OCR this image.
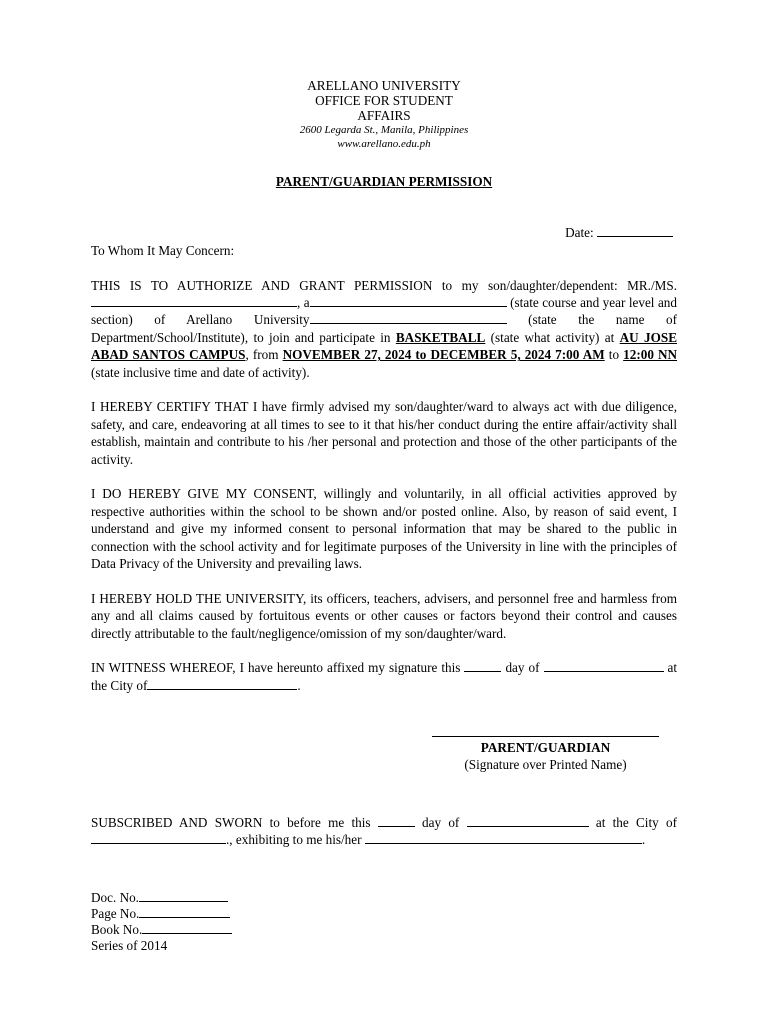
ARELLANO UNIVERSITY
OFFICE FOR STUDENT
AFFAIRS
2600 Legarda St., Manila, Philippines
www.arellano.edu.ph
PARENT/GUARDIAN PERMISSION
Date:
To Whom It May Concern:

THIS IS TO AUTHORIZE AND GRANT PERMISSION to my son/daughter/dependent: MR./MS. , a	(state course and year level and section) of Arellano University	(state the name of Department/School/Institute), to join and participate in BASKETBALL (state what activity) at AU JOSE ABAD SANTOS CAMPUS, from NOVEMBER 27, 2024 to DECEMBER 5, 2024 7:00 AM to 12:00 NN (state inclusive time and date of activity).

I HEREBY CERTIFY THAT I have firmly advised my son/daughter/ward to always act with due diligence, safety, and care, endeavoring at all times to see to it that his/her conduct during the entire affair/activity shall establish, maintain and contribute to his /her personal and protection and those of the other participants of the activity.

I DO HEREBY GIVE MY CONSENT, willingly and voluntarily, in all official activities approved by respective authorities within the school to be shown and/or posted online. Also, by reason of said event, I understand and give my informed consent to personal information that may be shared to the public in connection with the school activity and for legitimate purposes of the University in line with the principles of Data Privacy of the University and prevailing laws.

I HEREBY HOLD THE UNIVERSITY, its officers, teachers, advisers, and personnel free and harmless from any and all claims caused by fortuitous events or other causes or factors beyond their control and causes directly attributable to the fault/negligence/omission of my son/daughter/ward.

IN WITNESS WHEREOF, I have hereunto affixed my signature this	day of	at the City of	.

PARENT/GUARDIAN
(Signature over Printed Name)

SUBSCRIBED AND SWORN to before me this	day of	at the City of ., exhibiting to me his/her	.

Doc. No.
Page No.
Book No.
Series of 2014
